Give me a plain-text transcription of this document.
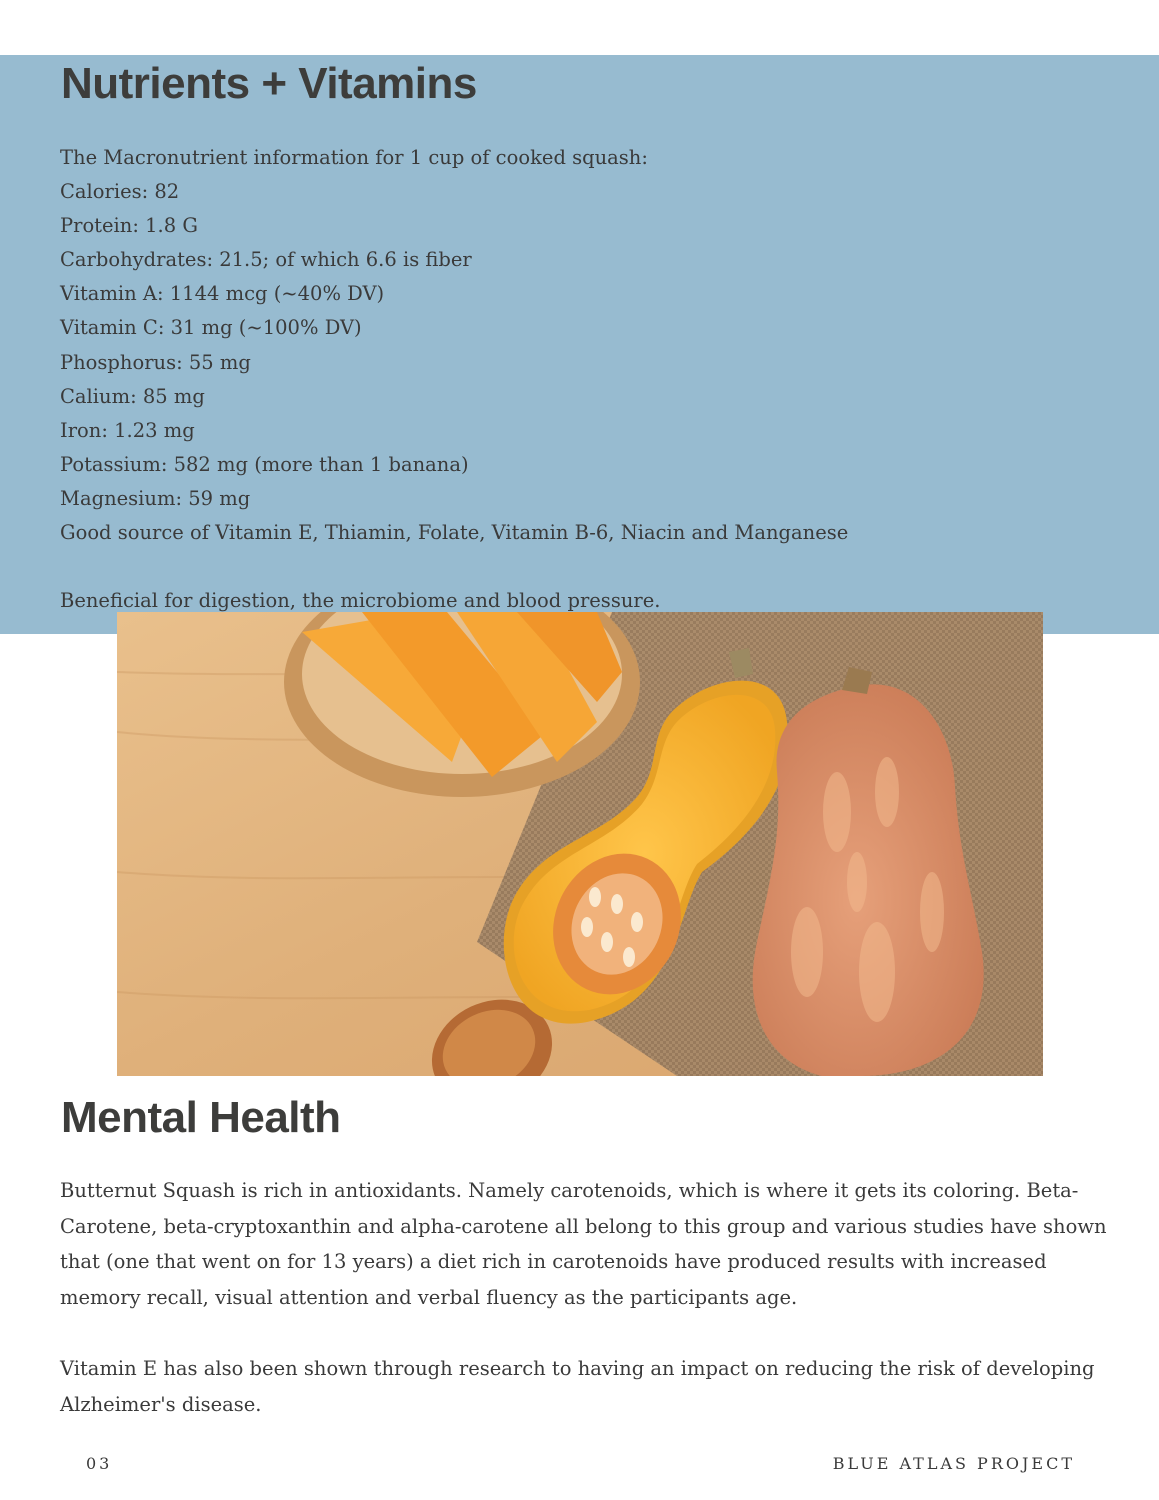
Nutrients + Vitamins
The Macronutrient information for 1 cup of cooked squash:
Calories: 82
Protein: 1.8 G
Carbohydrates: 21.5; of which 6.6 is fiber
Vitamin A: 1144 mcg (~40% DV)
Vitamin C: 31 mg (~100% DV)
Phosphorus: 55 mg
Calium: 85 mg
Iron: 1.23 mg
Potassium: 582 mg (more than 1 banana)
Magnesium: 59 mg
Good source of Vitamin E, Thiamin, Folate, Vitamin B-6, Niacin and Manganese
Beneficial for digestion, the microbiome and blood pressure.
Mental Health

Butternut Squash is rich in antioxidants. Namely carotenoids, which is where it gets its coloring. Beta- Carotene, beta-cryptoxanthin and alpha-carotene all belong to this group and various studies have shown that (one that went on for 13 years) a diet rich in carotenoids have produced results with increased memory recall, visual attention and verbal fluency as the participants age.

Vitamin E has also been shown through research to having an impact on reducing the risk of developing Alzheimer's disease.

03	BLUE ATLAS PROJECT
